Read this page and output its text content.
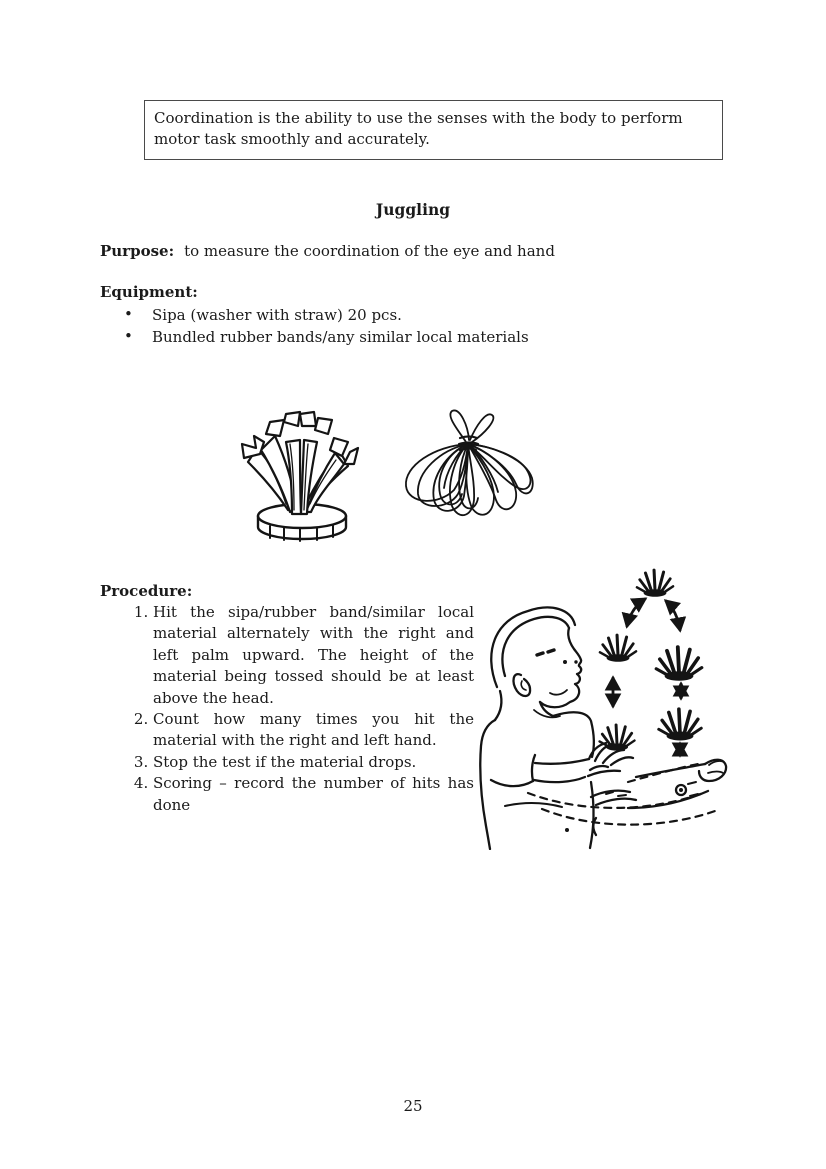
Coordination is the ability to use the senses with the body to perform motor task smoothly and accurately.
Juggling
Purpose: to measure the coordination of the eye and hand
Equipment:
• Sipa (washer with straw) 20 pcs.
• Bundled rubber bands/any similar local materials
Procedure:
1. Hit the sipa/rubber band/similar local material alternately with the right and left palm upward. The height of the material being tossed should be at least above the head.
2. Count how many times you hit the material with the right and left hand.
3. Stop the test if the material drops.
4. Scoring – record the number of hits has done
25
